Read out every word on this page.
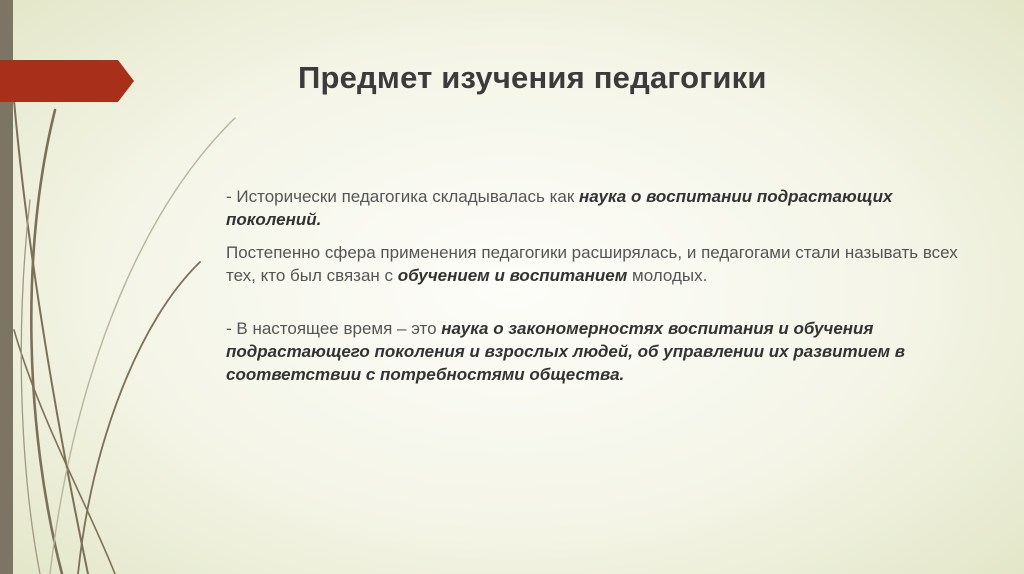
Предмет изучения педагогики

- Исторически педагогика складывалась как наука о воспитании подрастающих поколений.

Постепенно сфера применения педагогики расширялась, и педагогами стали называть всех тех, кто был связан с обучением и воспитанием молодых.

- В настоящее время – это наука о закономерностях воспитания и обучения подрастающего поколения и взрослых людей, об управлении их развитием в соответствии с потребностями общества.
